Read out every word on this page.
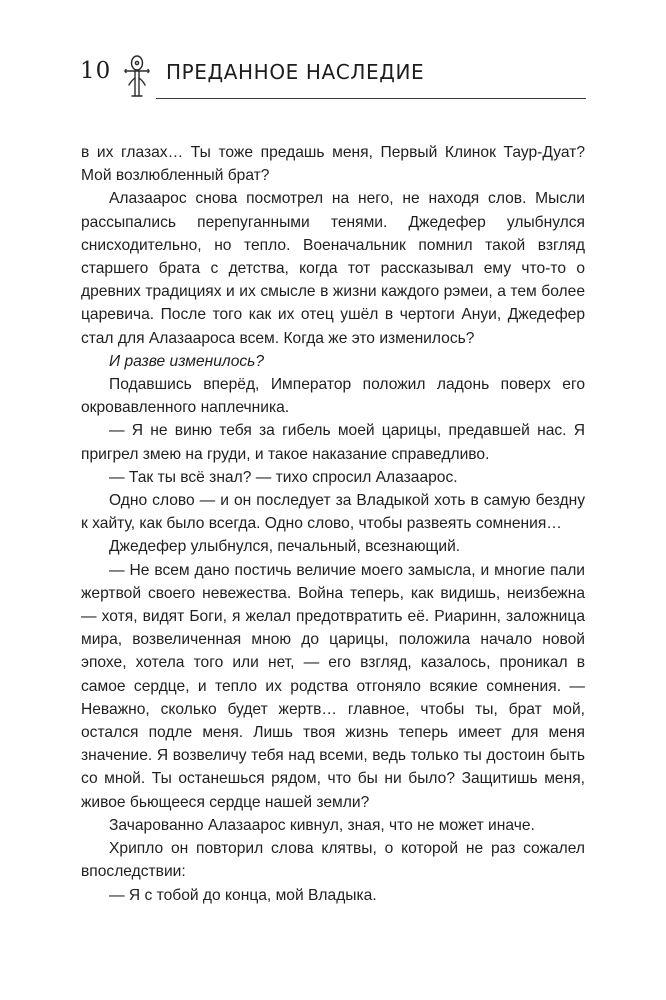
10	ПРЕДАННОЕ НАСЛЕДИЕ

в их глазах… Ты тоже предашь меня, Первый Клинок Таур-Дуат? Мой возлюбленный брат?

Алазаарос снова посмотрел на него, не находя слов. Мысли рассыпались перепуганными тенями. Джедефер улыбнулся снисходительно, но тепло. Военачальник помнил такой взгляд старшего брата с детства, когда тот рассказывал ему что-то о древних традициях и их смысле в жизни каждого рэмеи, а тем более царевича. После того как их отец ушёл в чертоги Ануи, Джедефер стал для Алазаароса всем. Когда же это изменилось?

И разве изменилось?

Подавшись вперёд, Император положил ладонь поверх его окровавленного наплечника.

— Я не виню тебя за гибель моей царицы, предавшей нас. Я пригрел змею на груди, и такое наказание справедливо.

— Так ты всё знал? — тихо спросил Алазаарос.

Одно слово — и он последует за Владыкой хоть в самую бездну к хайту, как было всегда. Одно слово, чтобы развеять сомнения…

Джедефер улыбнулся, печальный, всезнающий.

— Не всем дано постичь величие моего замысла, и многие пали жертвой своего невежества. Война теперь, как видишь, неизбежна — хотя, видят Боги, я желал предотвратить её. Риаринн, заложница мира, возвеличенная мною до царицы, положила начало новой эпохе, хотела того или нет, — его взгляд, казалось, проникал в самое сердце, и тепло их родства отгоняло всякие сомнения. — Неважно, сколько будет жертв… главное, чтобы ты, брат мой, остался подле меня. Лишь твоя жизнь теперь имеет для меня значение. Я возвеличу тебя над всеми, ведь только ты достоин быть со мной. Ты останешься рядом, что бы ни было? Защитишь меня, живое бьющееся сердце нашей земли?

Зачарованно Алазаарос кивнул, зная, что не может иначе.

Хрипло он повторил слова клятвы, о которой не раз сожалел впоследствии:

— Я с тобой до конца, мой Владыка.
